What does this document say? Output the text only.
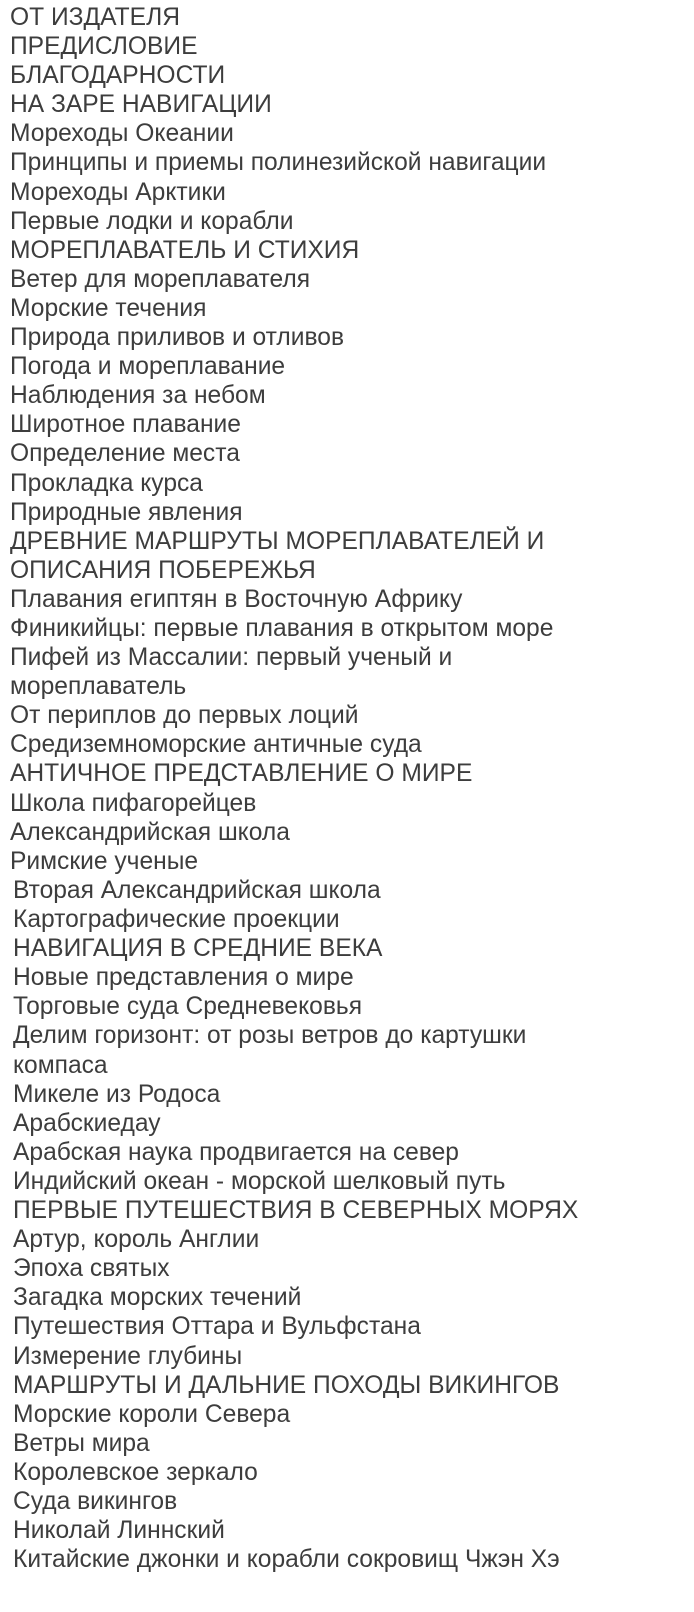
ОТ ИЗДАТЕЛЯ
ПРЕДИСЛОВИЕ
БЛАГОДАРНОСТИ
НА ЗАРЕ НАВИГАЦИИ
Мореходы Океании
Принципы и приемы полинезийской навигации
Мореходы Арктики
Первые лодки и корабли
МОРЕПЛАВАТЕЛЬ И СТИХИЯ
Ветер для мореплавателя
Морские течения
Природа приливов и отливов
Погода и мореплавание
Наблюдения за небом
Широтное плавание
Определение места
Прокладка курса
Природные явления
ДРЕВНИЕ МАРШРУТЫ МОРЕПЛАВАТЕЛЕЙ И ОПИСАНИЯ ПОБЕРЕЖЬЯ
Плавания египтян в Восточную Африку
Финикийцы: первые плавания в открытом море
Пифей из Массалии: первый ученый и мореплаватель
От периплов до первых лоций
Средиземноморские античные суда
АНТИЧНОЕ ПРЕДСТАВЛЕНИЕ О МИРЕ
Школа пифагорейцев
Александрийская школа
Римские ученые
Вторая Александрийская школа
Картографические проекции
НАВИГАЦИЯ В СРЕДНИЕ ВЕКА
Новые представления о мире
Торговые суда Средневековья
Делим горизонт: от розы ветров до картушки компаса
Микеле из Родоса
Арабскиедау
Арабская наука продвигается на север
Индийский океан - морской шелковый путь
ПЕРВЫЕ ПУТЕШЕСТВИЯ В СЕВЕРНЫХ МОРЯХ
Артур, король Англии
Эпоха святых
Загадка морских течений
Путешествия Оттара и Вульфстана
Измерение глубины
МАРШРУТЫ И ДАЛЬНИЕ ПОХОДЫ ВИКИНГОВ
Морские короли Севера
Ветры мира
Королевское зеркало
Суда викингов
Николай Линнский
Китайские джонки и корабли сокровищ Чжэн Хэ
